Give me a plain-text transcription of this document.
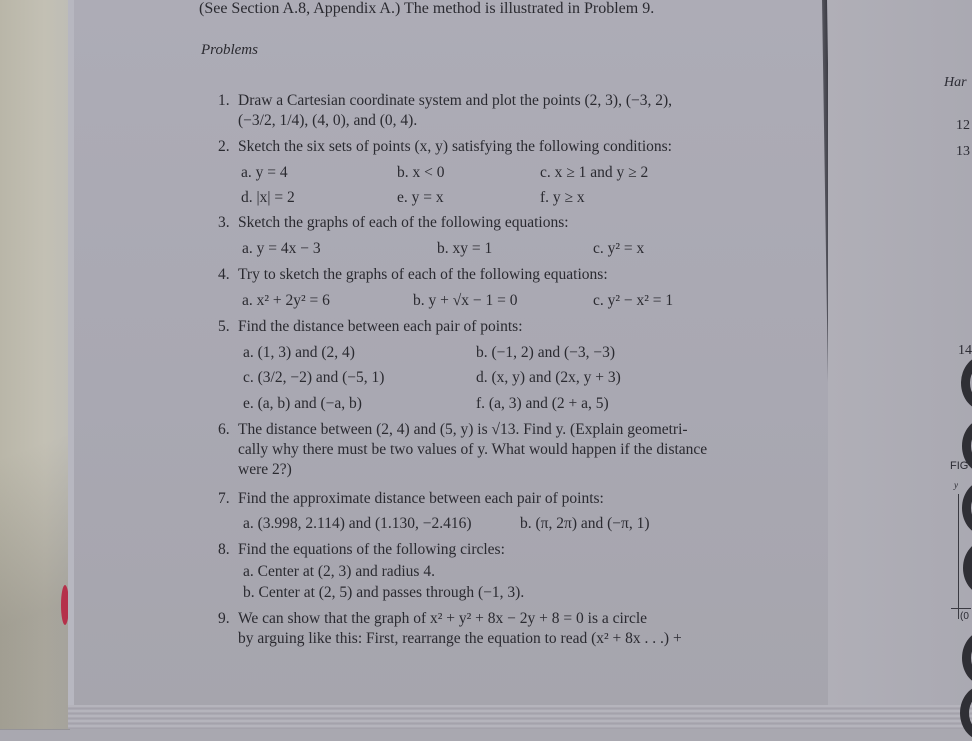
(See Section A.8, Appendix A.) The method is illustrated in Problem 9.
Problems
1. Draw a Cartesian coordinate system and plot the points (2, 3), (−3, 2),
(−3/2, 1/4), (4, 0), and (0, 4).
2. Sketch the six sets of points (x, y) satisfying the following conditions:
a. y = 4	b. x < 0	c. x ≥ 1 and y ≥ 2
d. |x| = 2	e. y = x	f. y ≥ x
3. Sketch the graphs of each of the following equations:
a. y = 4x − 3	b. xy = 1	c. y² = x
4. Try to sketch the graphs of each of the following equations:
a. x² + 2y² = 6	b. y + √x − 1 = 0	c. y² − x² = 1
5. Find the distance between each pair of points:
a. (1, 3) and (2, 4)	b. (−1, 2) and (−3, −3)
c. (3/2, −2) and (−5, 1)	d. (x, y) and (2x, y + 3)
e. (a, b) and (−a, b)	f. (a, 3) and (2 + a, 5)
6. The distance between (2, 4) and (5, y) is √13. Find y. (Explain geometri-
cally why there must be two values of y. What would happen if the distance
were 2?)
7. Find the approximate distance between each pair of points:
a. (3.998, 2.114) and (1.130, −2.416)	b. (π, 2π) and (−π, 1)
8. Find the equations of the following circles:
a. Center at (2, 3) and radius 4.
b. Center at (2, 5) and passes through (−1, 3).
9. We can show that the graph of x² + y² + 8x − 2y + 8 = 0 is a circle
by arguing like this: First, rearrange the equation to read (x² + 8x . . .) +
Har
12
13
14
FIG
y
(0
